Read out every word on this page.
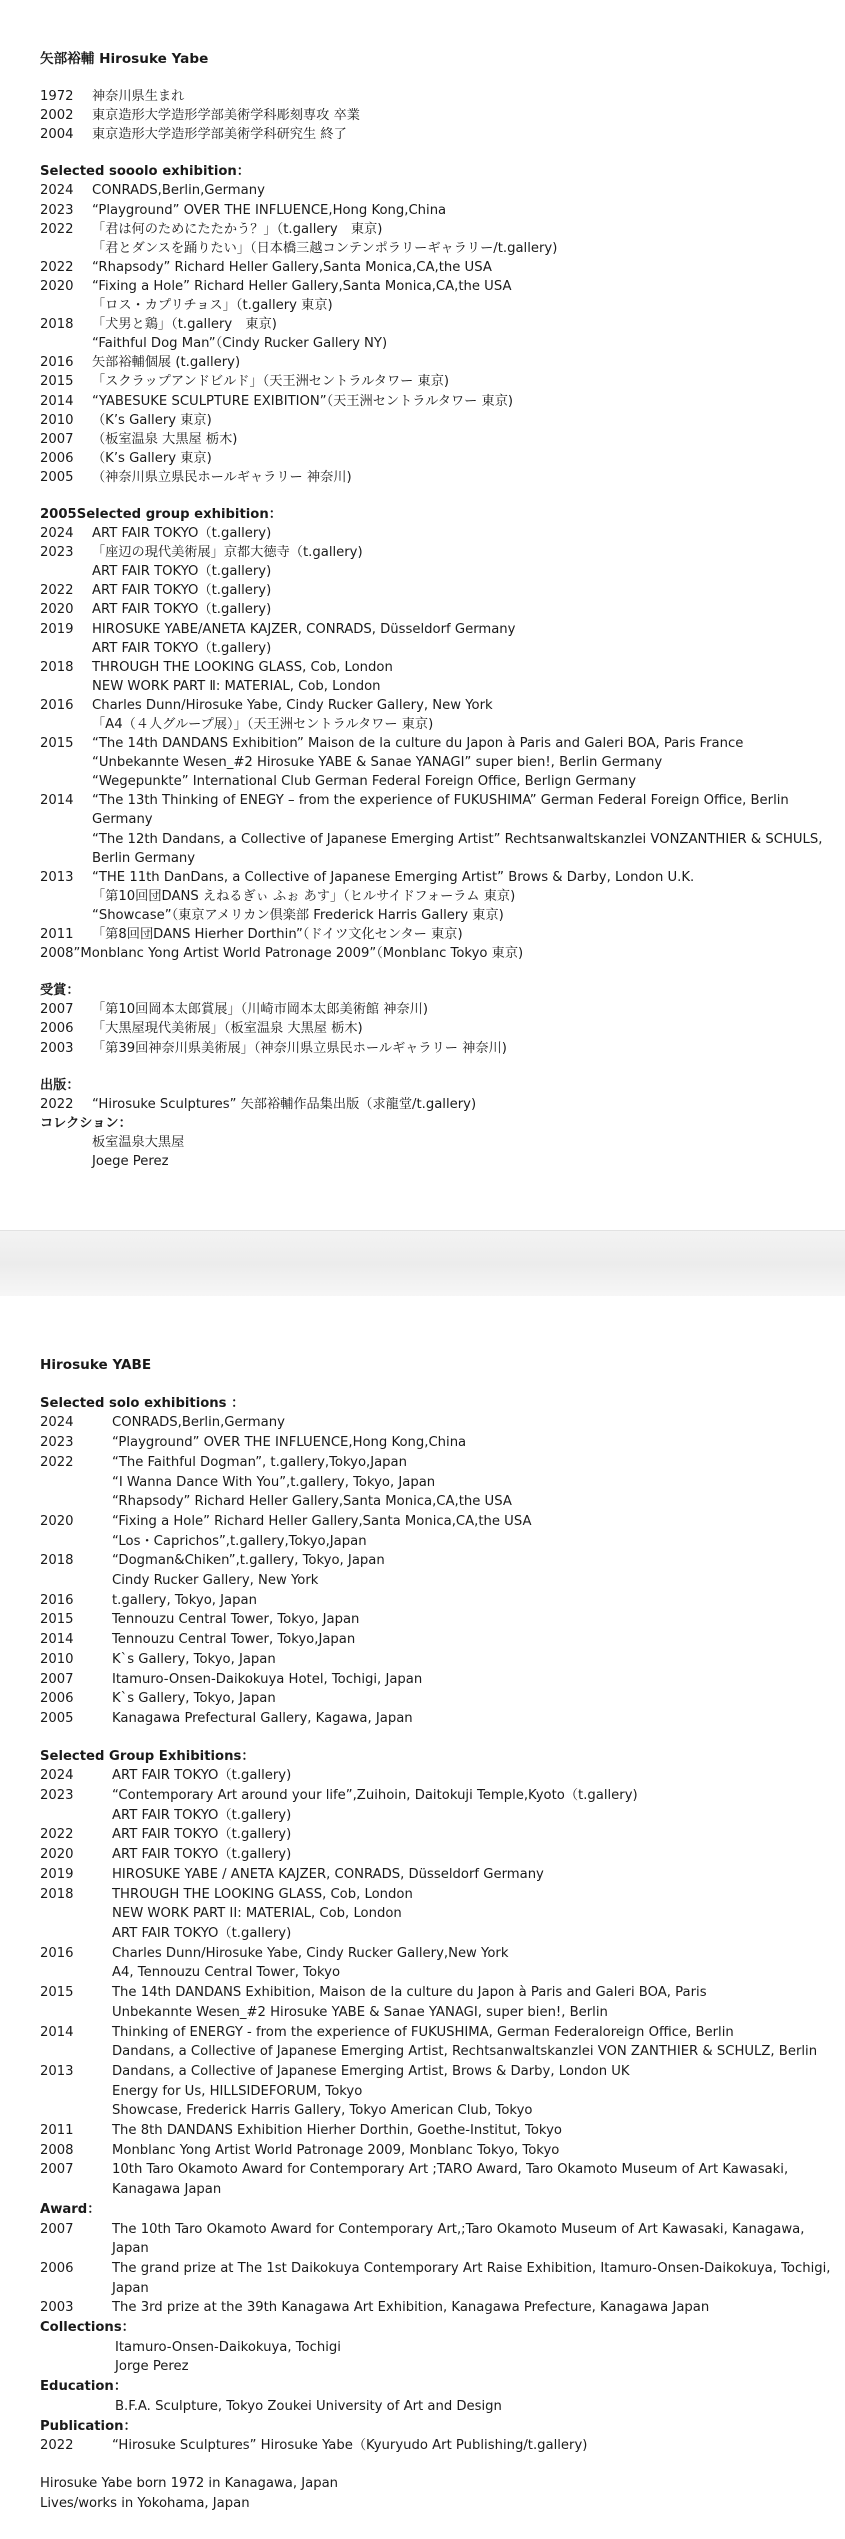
矢部裕輔 Hirosuke Yabe
1972	神奈川県生まれ
2002	東京造形大学造形学部美術学科彫刻専攻 卒業
2004	東京造形大学造形学部美術学科研究生 終了
Selected sooolo exhibition：
2024	CONRADS,Berlin,Germany
2023	“Playground” OVER THE INFLUENCE,Hong Kong,China
2022	「君は何のためにたたかう？」（t.gallery　東京)
「君とダンスを踊りたい」（日本橋三越コンテンポラリーギャラリー/t.gallery)
2022	“Rhapsody” Richard Heller Gallery,Santa Monica,CA,the USA
2020	“Fixing a Hole” Richard Heller Gallery,Santa Monica,CA,the USA
「ロス・カプリチョス」（t.gallery 東京)
2018	「犬男と鶏」（t.gallery　東京)
“Faithful Dog Man”（Cindy Rucker Gallery NY)
2016	矢部裕輔個展 (t.gallery)
2015	「スクラップアンドビルド」（天王洲セントラルタワー 東京)
2014	“YABESUKE SCULPTURE EXIBITION”（天王洲セントラルタワー 東京)
2010	（K’s Gallery 東京)
2007	（板室温泉 大黒屋 栃木)
2006	（K’s Gallery 東京)
2005	（神奈川県立県民ホールギャラリー 神奈川)
2005Selected group exhibition：
2024	ART FAIR TOKYO（t.gallery)
2023	「座辺の現代美術展」京都大徳寺（t.gallery)
ART FAIR TOKYO（t.gallery)
2022	ART FAIR TOKYO（t.gallery)
2020	ART FAIR TOKYO（t.gallery)
2019	HIROSUKE YABE/ANETA KAJZER, CONRADS, Düsseldorf Germany
ART FAIR TOKYO（t.gallery)
2018	THROUGH THE LOOKING GLASS, Cob, London
NEW WORK PART Ⅱ: MATERIAL, Cob, London
2016	Charles Dunn/Hirosuke Yabe, Cindy Rucker Gallery, New York
「A4（４人グループ展）」（天王洲セントラルタワー 東京)
2015	“The 14th DANDANS Exhibition” Maison de la culture du Japon à Paris and Galeri BOA, Paris France
“Unbekannte Wesen_#2 Hirosuke YABE & Sanae YANAGI” super bien!, Berlin Germany
“Wegepunkte” International Club German Federal Foreign Office, Berlign Germany
2014	“The 13th Thinking of ENEGY – from the experience of FUKUSHIMA” German Federal Foreign Office, Berlin Germany
“The 12th Dandans, a Collective of Japanese Emerging Artist” Rechtsanwaltskanzlei VONZANTHIER & SCHULS, Berlin Germany
2013	“THE 11th DanDans, a Collective of Japanese Emerging Artist” Brows & Darby, London U.K.
「第10回団DANS えねるぎぃ ふぉ あす」（ヒルサイドフォーラム 東京)
“Showcase”（東京アメリカン倶楽部 Frederick Harris Gallery 東京)
2011	「第8回団DANS Hierher Dorthin”（ドイツ文化センター 東京)
2008”Monblanc Yong Artist World Patronage 2009”（Monblanc Tokyo 東京)
受賞：
2007	「第10回岡本太郎賞展」（川崎市岡本太郎美術館 神奈川)
2006	「大黒屋現代美術展」（板室温泉 大黒屋 栃木)
2003	「第39回神奈川県美術展」（神奈川県立県民ホールギャラリー 神奈川)
出版：
2022	“Hirosuke Sculptures” 矢部裕輔作品集出版（求龍堂/t.gallery)
コレクション：
板室温泉大黒屋
Joege Perez
Hirosuke YABE
Selected solo exhibitions ：
2024	CONRADS,Berlin,Germany
2023	“Playground” OVER THE INFLUENCE,Hong Kong,China
2022	“The Faithful Dogman”, t.gallery,Tokyo,Japan
“I Wanna Dance With You”,t.gallery, Tokyo, Japan
“Rhapsody” Richard Heller Gallery,Santa Monica,CA,the USA
2020	“Fixing a Hole” Richard Heller Gallery,Santa Monica,CA,the USA
“Los・Caprichos”,t.gallery,Tokyo,Japan
2018	“Dogman&Chiken”,t.gallery, Tokyo, Japan
Cindy Rucker Gallery, New York
2016	t.gallery, Tokyo, Japan
2015	Tennouzu Central Tower, Tokyo, Japan
2014	Tennouzu Central Tower, Tokyo,Japan
2010	K`s Gallery, Tokyo, Japan
2007	Itamuro-Onsen-Daikokuya Hotel, Tochigi, Japan
2006	K`s Gallery, Tokyo, Japan
2005	Kanagawa Prefectural Gallery, Kagawa, Japan
Selected Group Exhibitions：
2024	ART FAIR TOKYO（t.gallery)
2023	“Contemporary Art around your life”,Zuihoin, Daitokuji Temple,Kyoto（t.gallery)
ART FAIR TOKYO（t.gallery)
2022	ART FAIR TOKYO（t.gallery)
2020	ART FAIR TOKYO（t.gallery)
2019	HIROSUKE YABE / ANETA KAJZER, CONRADS, Düsseldorf Germany
2018	THROUGH THE LOOKING GLASS, Cob, London
NEW WORK PART II: MATERIAL, Cob, London
ART FAIR TOKYO（t.gallery)
2016	Charles Dunn/Hirosuke Yabe, Cindy Rucker Gallery,New York
A4, Tennouzu Central Tower, Tokyo
2015	The 14th DANDANS Exhibition, Maison de la culture du Japon à Paris and Galeri BOA, Paris
Unbekannte Wesen_#2 Hirosuke YABE & Sanae YANAGI, super bien!, Berlin
2014	Thinking of ENERGY - from the experience of FUKUSHIMA, German Federaloreign Office, Berlin
Dandans, a Collective of Japanese Emerging Artist, Rechtsanwaltskanzlei VON ZANTHIER & SCHULZ, Berlin
2013	Dandans, a Collective of Japanese Emerging Artist, Brows & Darby, London UK
Energy for Us, HILLSIDEFORUM, Tokyo
Showcase, Frederick Harris Gallery, Tokyo American Club, Tokyo
2011	The 8th DANDANS Exhibition Hierher Dorthin, Goethe-Institut, Tokyo
2008	Monblanc Yong Artist World Patronage 2009, Monblanc Tokyo, Tokyo
2007	10th Taro Okamoto Award for Contemporary Art ;TARO Award, Taro Okamoto Museum of Art Kawasaki, Kanagawa Japan
Award：
2007	The 10th Taro Okamoto Award for Contemporary Art,;Taro Okamoto Museum of Art Kawasaki, Kanagawa, Japan
2006	The grand prize at The 1st Daikokuya Contemporary Art Raise Exhibition, Itamuro-Onsen-Daikokuya, Tochigi, Japan
2003	The 3rd prize at the 39th Kanagawa Art Exhibition, Kanagawa Prefecture, Kanagawa Japan
Collections：
Itamuro-Onsen-Daikokuya, Tochigi
Jorge Perez
Education：
B.F.A. Sculpture, Tokyo Zoukei University of Art and Design
Publication：
2022	“Hirosuke Sculptures” Hirosuke Yabe（Kyuryudo Art Publishing/t.gallery)
Hirosuke Yabe born 1972 in Kanagawa, Japan
Lives/works in Yokohama, Japan
